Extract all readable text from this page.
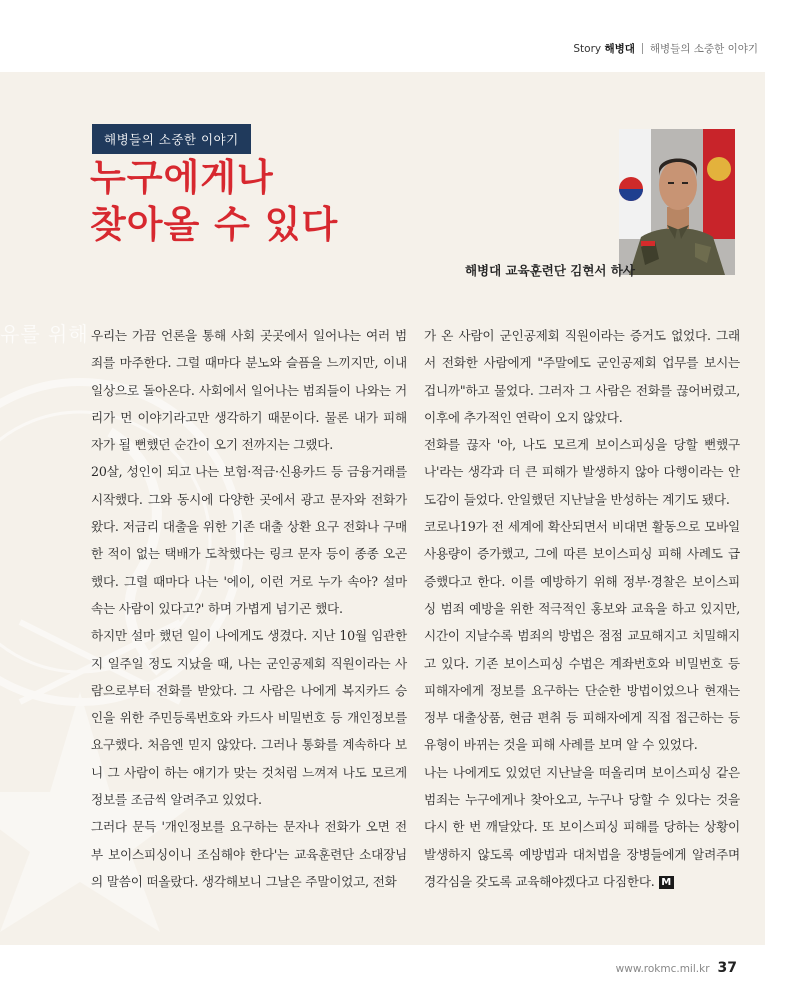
Story 해병대 해병들의 소중한 이야기
유를 위해
해병들의 소중한 이야기
누구에게나
찾아올 수 있다
해병대 교육훈련단 김현서 하사

우리는 가끔 언론을 통해 사회 곳곳에서 일어나는 여러 범죄를 마주한다. 그럴 때마다 분노와 슬픔을 느끼지만, 이내 일상으로 돌아온다. 사회에서 일어나는 범죄들이 나와는 거리가 먼 이야기라고만 생각하기 때문이다. 물론 내가 피해자가 될 뻔했던 순간이 오기 전까지는 그랬다.

20살, 성인이 되고 나는 보험·적금·신용카드 등 금융거래를 시작했다. 그와 동시에 다양한 곳에서 광고 문자와 전화가 왔다. 저금리 대출을 위한 기존 대출 상환 요구 전화나 구매한 적이 없는 택배가 도착했다는 링크 문자 등이 종종 오곤 했다. 그럴 때마다 나는 '에이, 이런 거로 누가 속아? 설마 속는 사람이 있다고?' 하며 가볍게 넘기곤 했다.

하지만 설마 했던 일이 나에게도 생겼다. 지난 10월 임관한 지 일주일 정도 지났을 때, 나는 군인공제회 직원이라는 사람으로부터 전화를 받았다. 그 사람은 나에게 복지카드 승인을 위한 주민등록번호와 카드사 비밀번호 등 개인정보를 요구했다. 처음엔 믿지 않았다. 그러나 통화를 계속하다 보니 그 사람이 하는 얘기가 맞는 것처럼 느껴져 나도 모르게 정보를 조금씩 알려주고 있었다.

그러다 문득 '개인정보를 요구하는 문자나 전화가 오면 전부 보이스피싱이니 조심해야 한다'는 교육훈련단 소대장님의 말씀이 떠올랐다. 생각해보니 그날은 주말이었고, 전화

가 온 사람이 군인공제회 직원이라는 증거도 없었다. 그래서 전화한 사람에게 "주말에도 군인공제회 업무를 보시는 겁니까"하고 물었다. 그러자 그 사람은 전화를 끊어버렸고, 이후에 추가적인 연락이 오지 않았다.

전화를 끊자 '아, 나도 모르게 보이스피싱을 당할 뻔했구나'라는 생각과 더 큰 피해가 발생하지 않아 다행이라는 안도감이 들었다. 안일했던 지난날을 반성하는 계기도 됐다.

코로나19가 전 세계에 확산되면서 비대면 활동으로 모바일 사용량이 증가했고, 그에 따른 보이스피싱 피해 사례도 급증했다고 한다. 이를 예방하기 위해 정부·경찰은 보이스피싱 범죄 예방을 위한 적극적인 홍보와 교육을 하고 있지만, 시간이 지날수록 범죄의 방법은 점점 교묘해지고 치밀해지고 있다. 기존 보이스피싱 수법은 계좌번호와 비밀번호 등 피해자에게 정보를 요구하는 단순한 방법이었으나 현재는 정부 대출상품, 현금 편취 등 피해자에게 직접 접근하는 등 유형이 바뀌는 것을 피해 사례를 보며 알 수 있었다.

나는 나에게도 있었던 지난날을 떠올리며 보이스피싱 같은 범죄는 누구에게나 찾아오고, 누구나 당할 수 있다는 것을 다시 한 번 깨달았다. 또 보이스피싱 피해를 당하는 상황이 발생하지 않도록 예방법과 대처법을 장병들에게 알려주며 경각심을 갖도록 교육해야겠다고 다짐한다. M

www.rokmc.mil.kr 37
